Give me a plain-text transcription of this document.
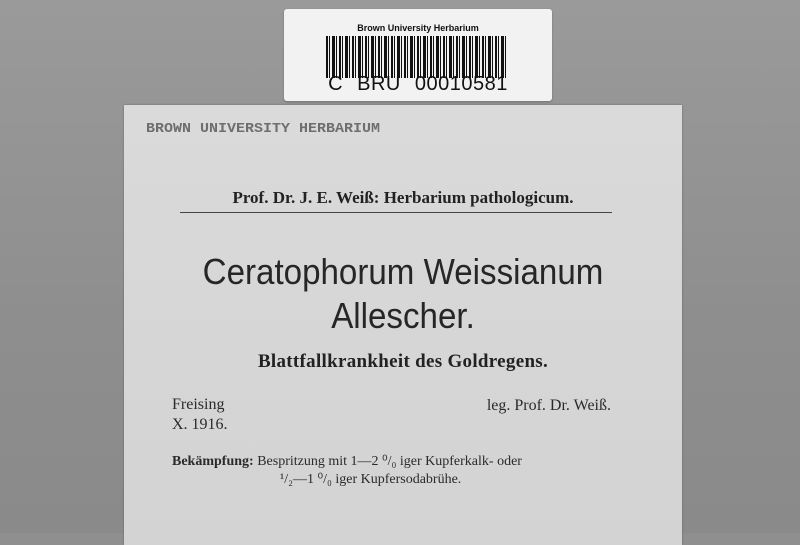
Brown University Herbarium
C BRU 00010581
BROWN UNIVERSITY HERBARIUM
Prof. Dr. J. E. Weiß: Herbarium pathologicum.
Ceratophorum Weissianum
Allescher.
Blattfallkrankheit des Goldregens.
Freising
X. 1916.
leg. Prof. Dr. Weiß.
Bekämpfung: Bespritzung mit 1—2 ⁰/₀ iger Kupferkalk- oder
¹/₂—1 ⁰/₀ iger Kupfersodabrühe.
